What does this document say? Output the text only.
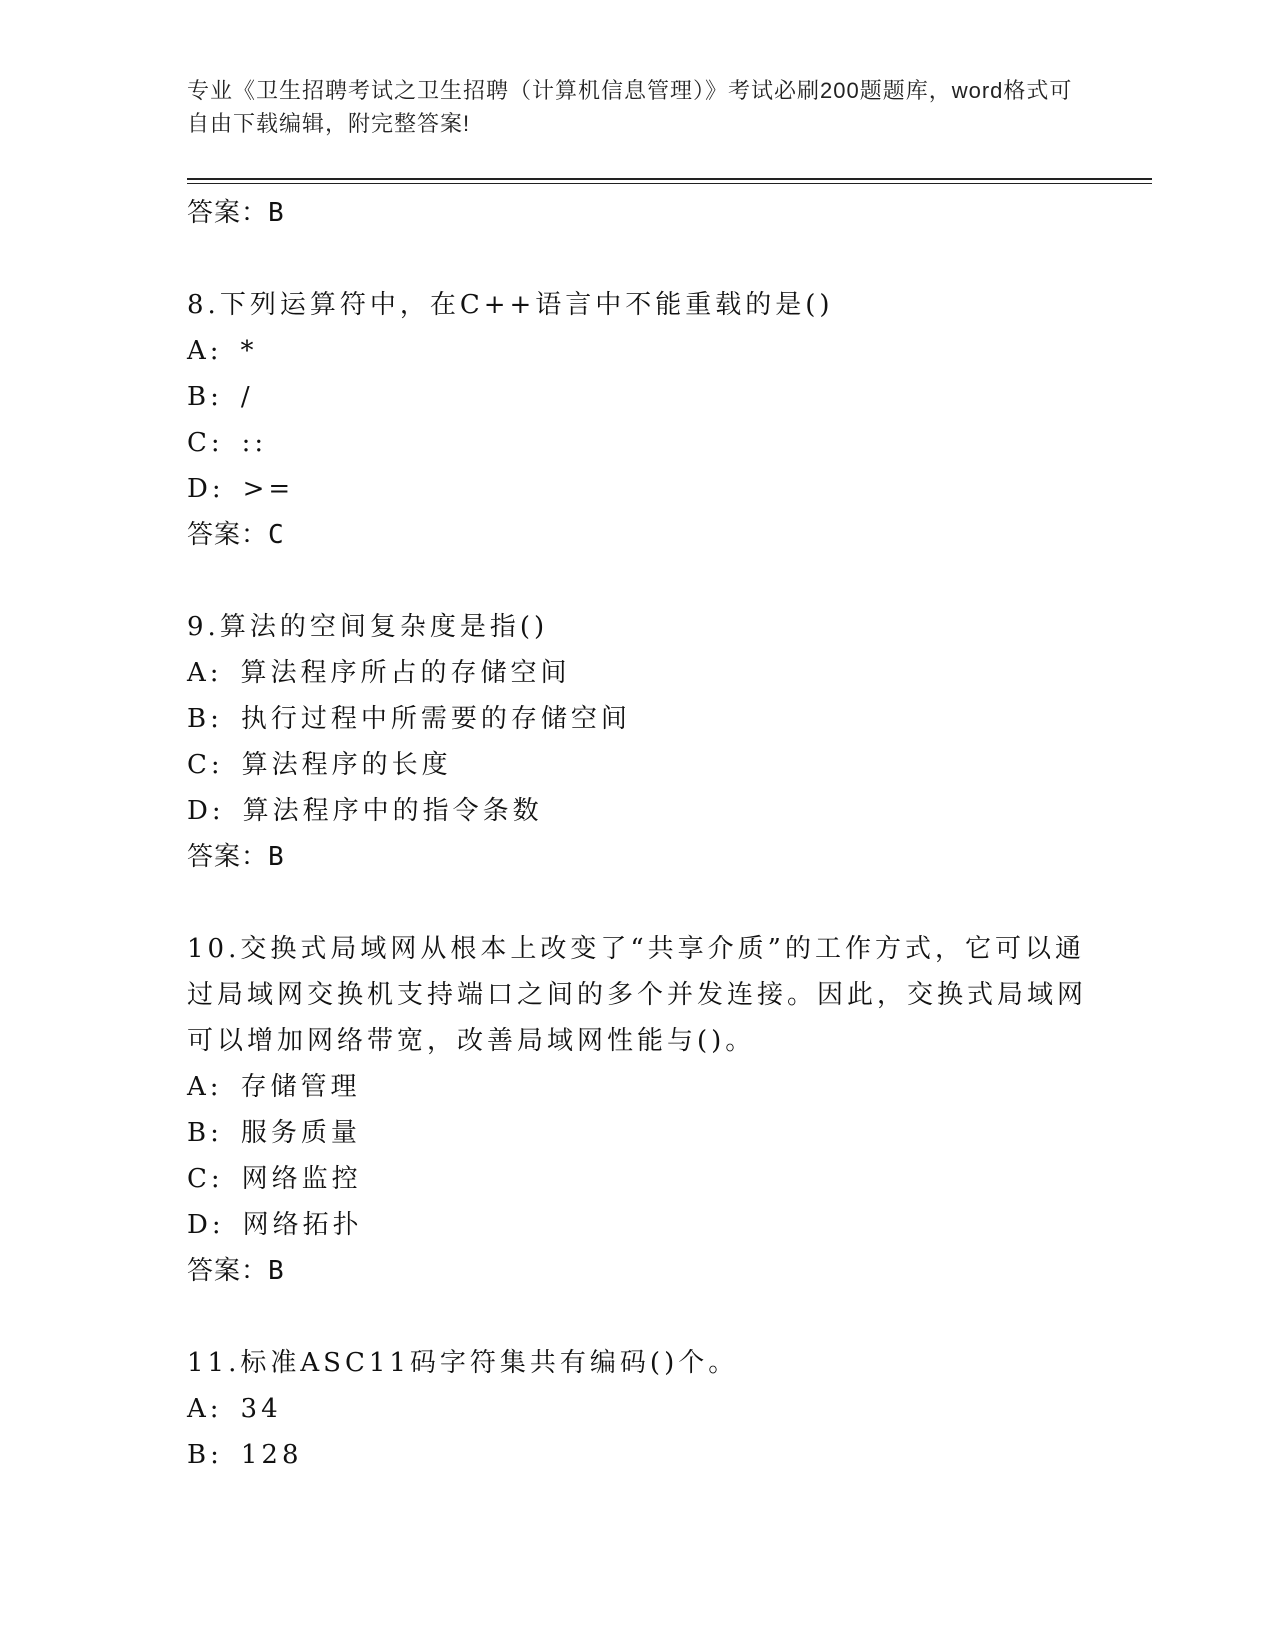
专业《卫生招聘考试之卫生招聘（计算机信息管理）》考试必刷200题题库，word格式可自由下载编辑，附完整答案!
答案：B
8.下列运算符中，在C++语言中不能重载的是()
A: *
B: /
C: ::
D: >=
答案：C
9.算法的空间复杂度是指()
A: 算法程序所占的存储空间
B: 执行过程中所需要的存储空间
C: 算法程序的长度
D: 算法程序中的指令条数
答案：B
10.交换式局域网从根本上改变了“共享介质”的工作方式，它可以通过局域网交换机支持端口之间的多个并发连接。因此，交换式局域网可以增加网络带宽，改善局域网性能与()。
A: 存储管理
B: 服务质量
C: 网络监控
D: 网络拓扑
答案：B
11.标准ASC11码字符集共有编码()个。
A: 34
B: 128
